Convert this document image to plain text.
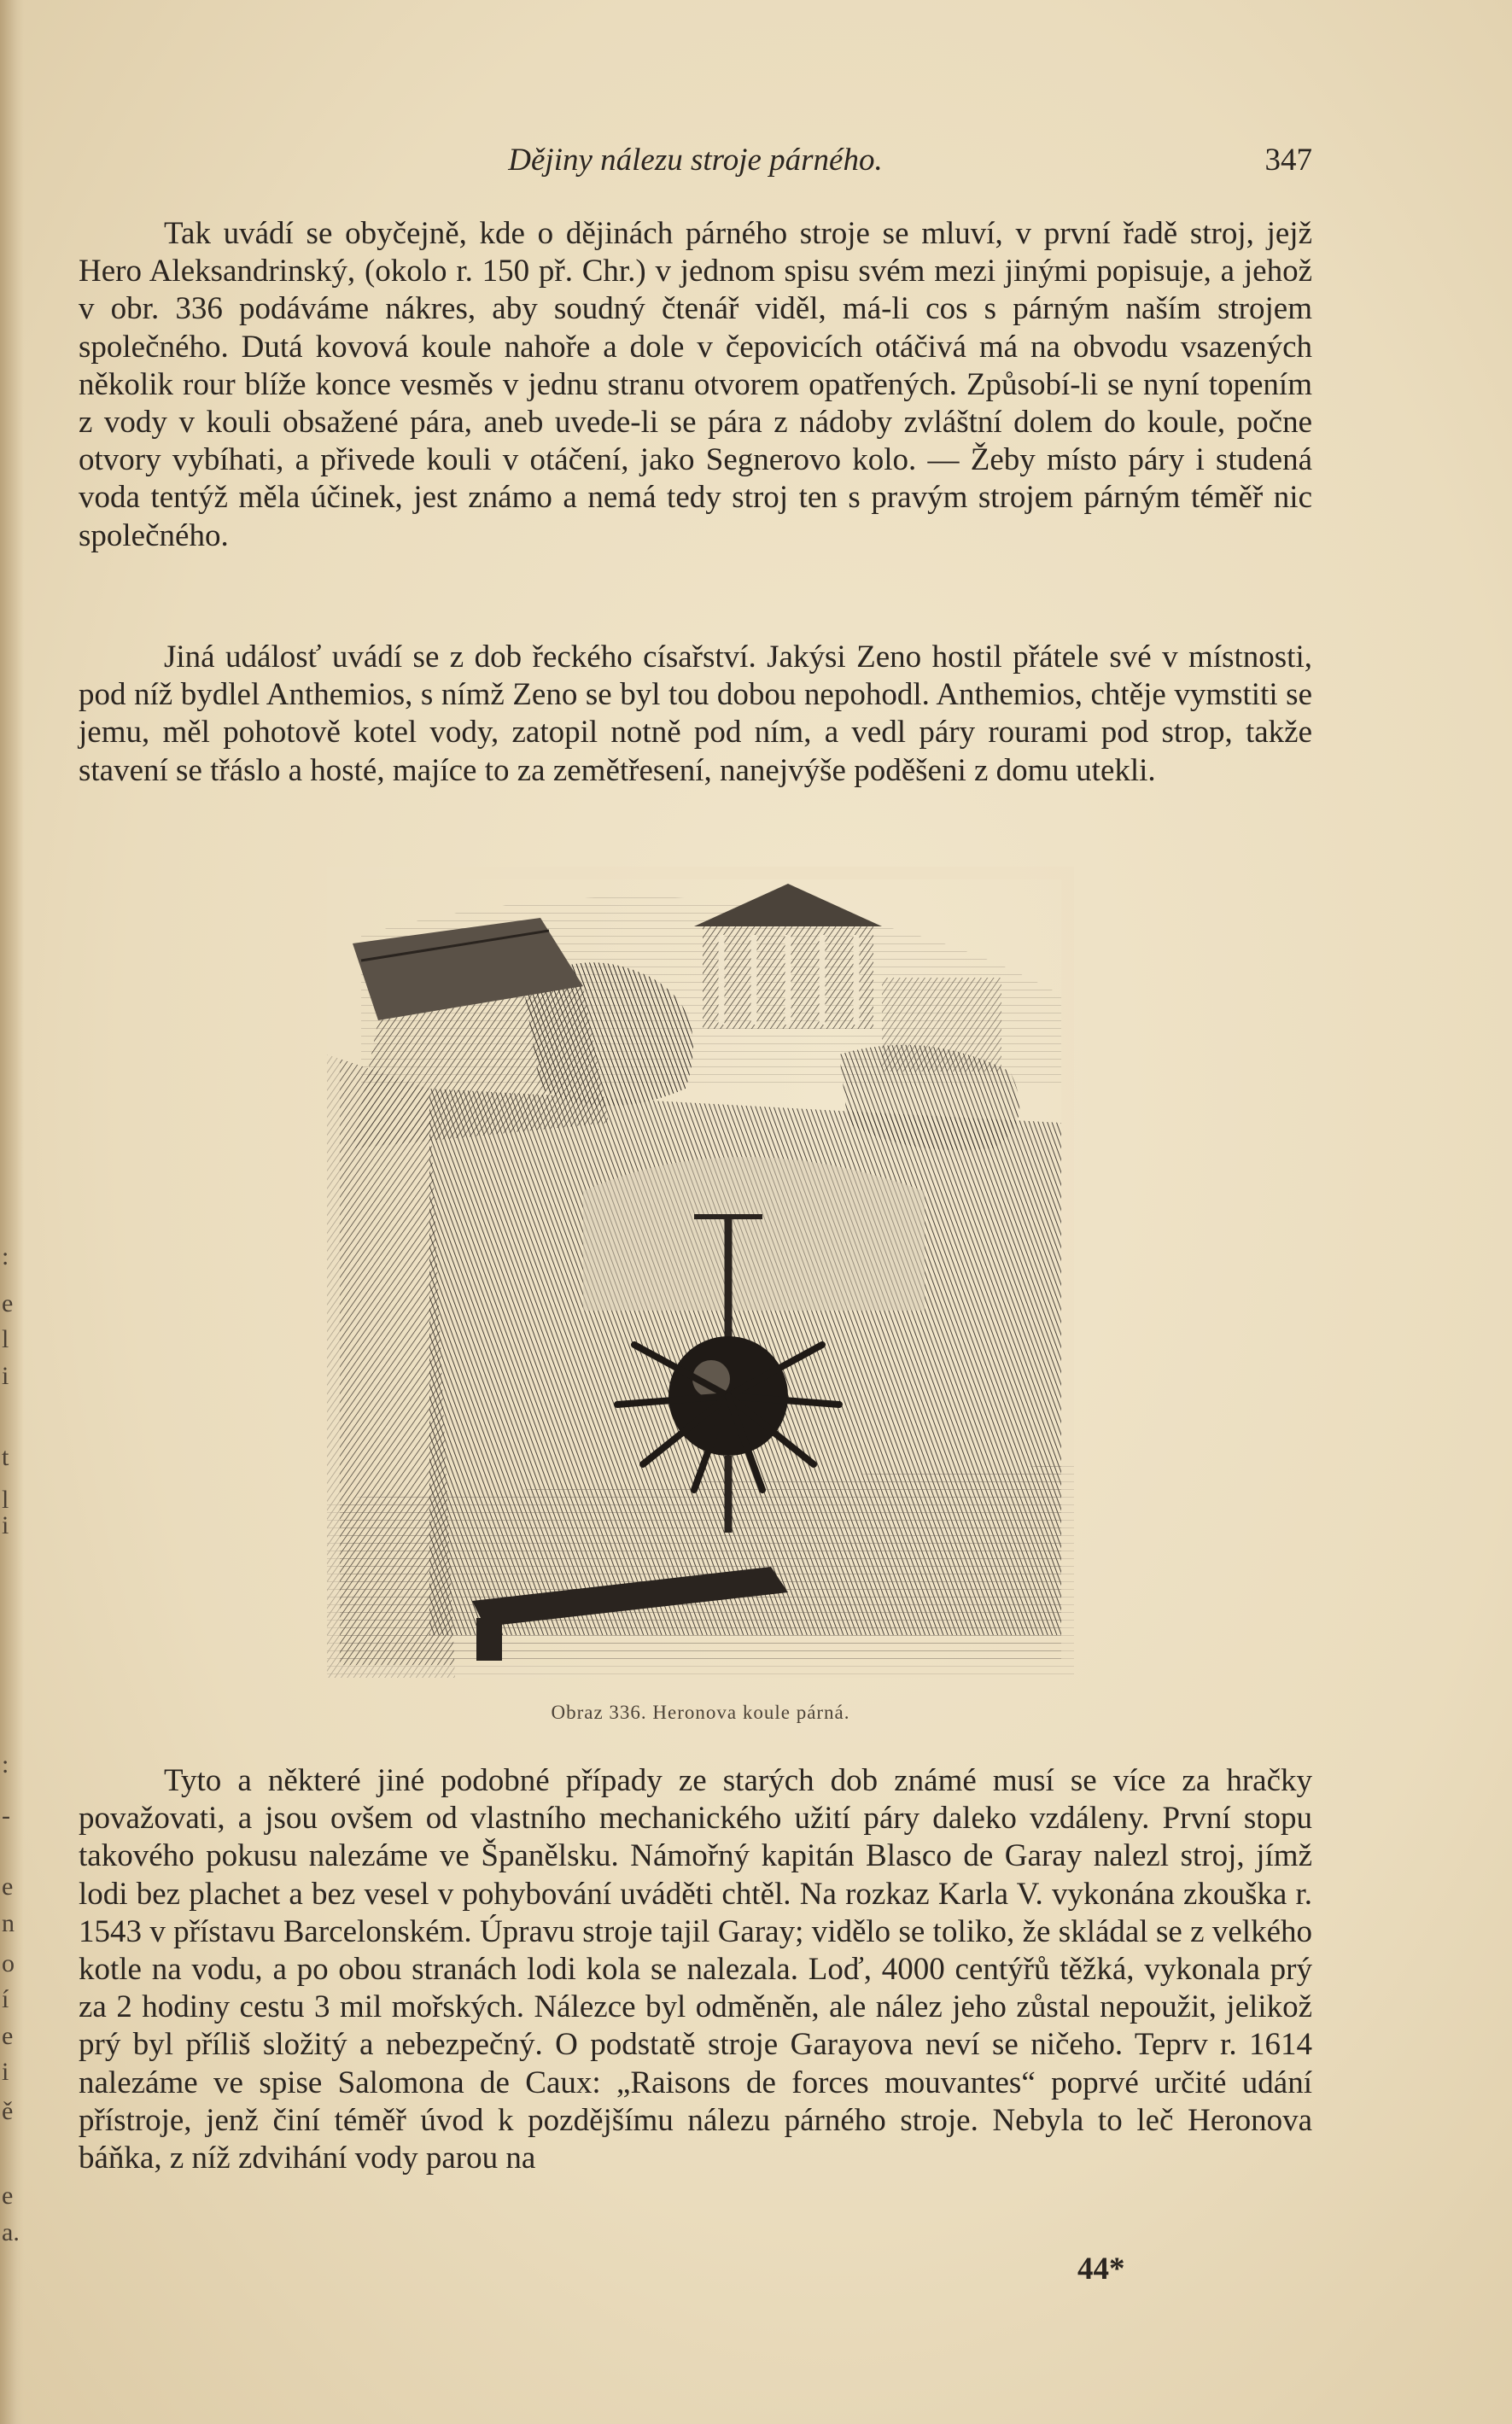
:
e
l
i
t
l
i
:
-
e
n
o
í
e
i
ě
e
a.
Dějiny nálezu stroje párného.	347

Tak uvádí se obyčejně, kde o dějinách párného stroje se mluví, v první řadě stroj, jejž Hero Aleksandrinský, (okolo r. 150 př. Chr.) v jednom spisu svém mezi jinými popisuje, a jehož v obr. 336 podáváme nákres, aby soudný čtenář viděl, má-li cos s párným naším strojem společného. Dutá kovová koule nahoře a dole v čepovicích otáčivá má na obvodu vsazených několik rour blíže konce vesměs v jednu stranu otvorem opatřených. Způsobí-li se nyní topením z vody v kouli obsažené pára, aneb uvede-li se pára z nádoby zvláštní dolem do koule, počne otvory vybíhati, a přivede kouli v otáčení, jako Segnerovo kolo. — Žeby místo páry i studená voda tentýž měla účinek, jest známo a nemá tedy stroj ten s pravým strojem párným téměř nic společného.

Jiná událosť uvádí se z dob řeckého císařství. Jakýsi Zeno hostil přátele své v místnosti, pod níž bydlel Anthemios, s nímž Zeno se byl tou dobou nepohodl. Anthemios, chtěje vymstiti se jemu, měl pohotově kotel vody, zatopil notně pod ním, a vedl páry rourami pod strop, takže stavení se třáslo a hosté, majíce to za zemětřesení, nanejvýše poděšeni z domu utekli.

Obraz 336. Heronova koule párná.

Tyto a některé jiné podobné případy ze starých dob známé musí se více za hračky považovati, a jsou ovšem od vlastního mechanického užití páry daleko vzdáleny. První stopu takového pokusu nalezáme ve Španělsku. Námořný kapitán Blasco de Garay nalezl stroj, jímž lodi bez plachet a bez vesel v pohybování uváděti chtěl. Na rozkaz Karla V. vykonána zkouška r. 1543 v přístavu Barcelonském. Úpravu stroje tajil Garay; vidělo se toliko, že skládal se z velkého kotle na vodu, a po obou stranách lodi kola se nalezala. Loď, 4000 centýřů těžká, vykonala prý za 2 hodiny cestu 3 mil mořských. Nálezce byl odměněn, ale nález jeho zůstal nepoužit, jelikož prý byl příliš složitý a nebezpečný. O podstatě stroje Garayova neví se ničeho. Teprv r. 1614 nalezáme ve spise Salomona de Caux: „Raisons de forces mouvantes“ poprvé určité udání přístroje, jenž činí téměř úvod k pozdějšímu nálezu párného stroje. Nebyla to leč Heronova báňka, z níž zdvihání vody parou na

44*
